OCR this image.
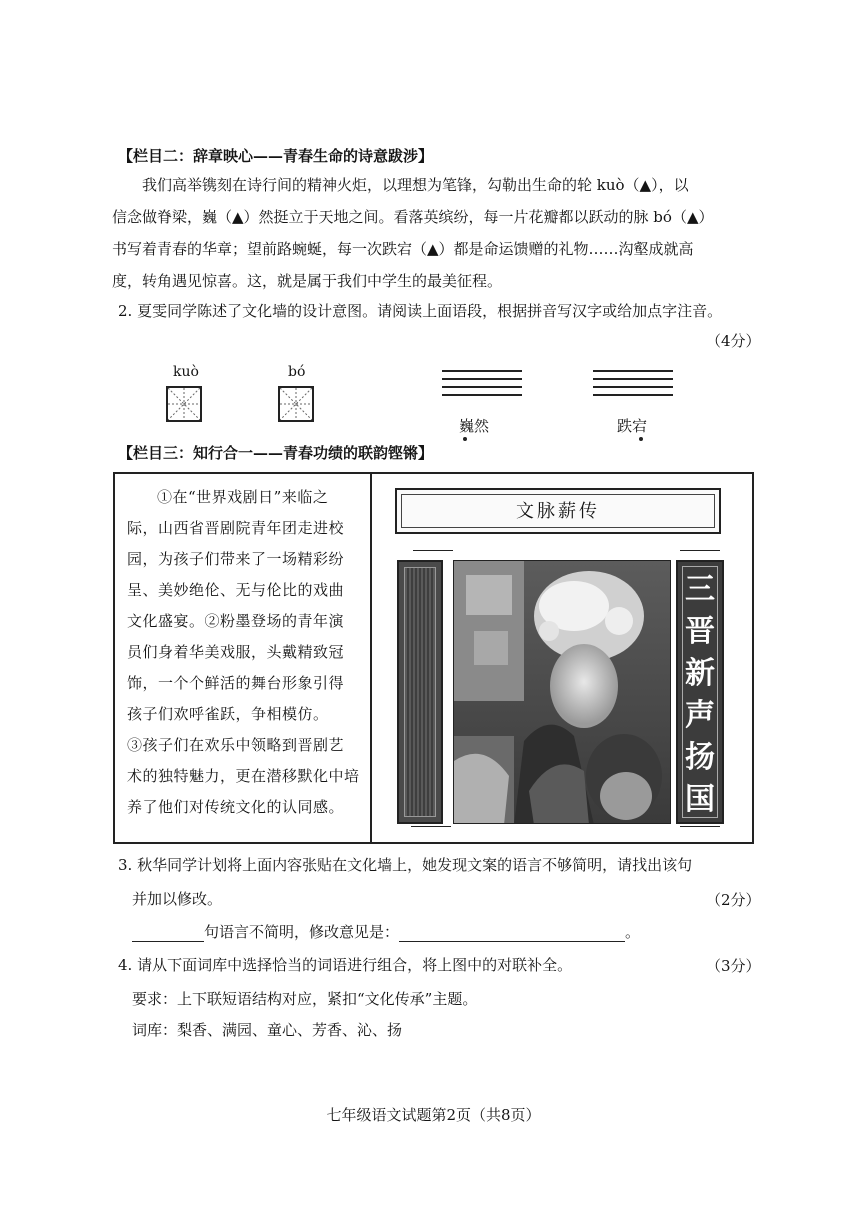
【栏目二：辞章映心——青春生命的诗意跋涉】
我们高举镌刻在诗行间的精神火炬，以理想为笔锋，勾勒出生命的轮 kuò（▲），以
信念做脊梁，巍（▲）然挺立于天地之间。看落英缤纷，每一片花瓣都以跃动的脉 bó（▲）
书写着青春的华章；望前路蜿蜒，每一次跌宕（▲）都是命运馈赠的礼物……沟壑成就高
度，转角遇见惊喜。这，就是属于我们中学生的最美征程。
2. 夏雯同学陈述了文化墙的设计意图。请阅读上面语段，根据拼音写汉字或给加点字注音。
（4分）
kuò	bó
巍然	跌宕
【栏目三：知行合一——青春功绩的联韵铿锵】
①在“世界戏剧日”来临之
际，山西省晋剧院青年团走进校
园，为孩子们带来了一场精彩纷
呈、美妙绝伦、无与伦比的戏曲
文化盛宴。②粉墨登场的青年演
员们身着华美戏服，头戴精致冠
饰，一个个鲜活的舞台形象引得
孩子们欢呼雀跃，争相模仿。
③孩子们在欢乐中领略到晋剧艺
术的独特魅力，更在潜移默化中培
养了他们对传统文化的认同感。
文脉薪传
三
晋
新
声
扬
国
3. 秋华同学计划将上面内容张贴在文化墙上，她发现文案的语言不够简明，请找出该句
并加以修改。	（2分）
句语言不简明，修改意见是：	。
4. 请从下面词库中选择恰当的词语进行组合，将上图中的对联补全。	（3分）
要求：上下联短语结构对应，紧扣“文化传承”主题。
词库：梨香、满园、童心、芳香、沁、扬
七年级语文试题第2页（共8页）
